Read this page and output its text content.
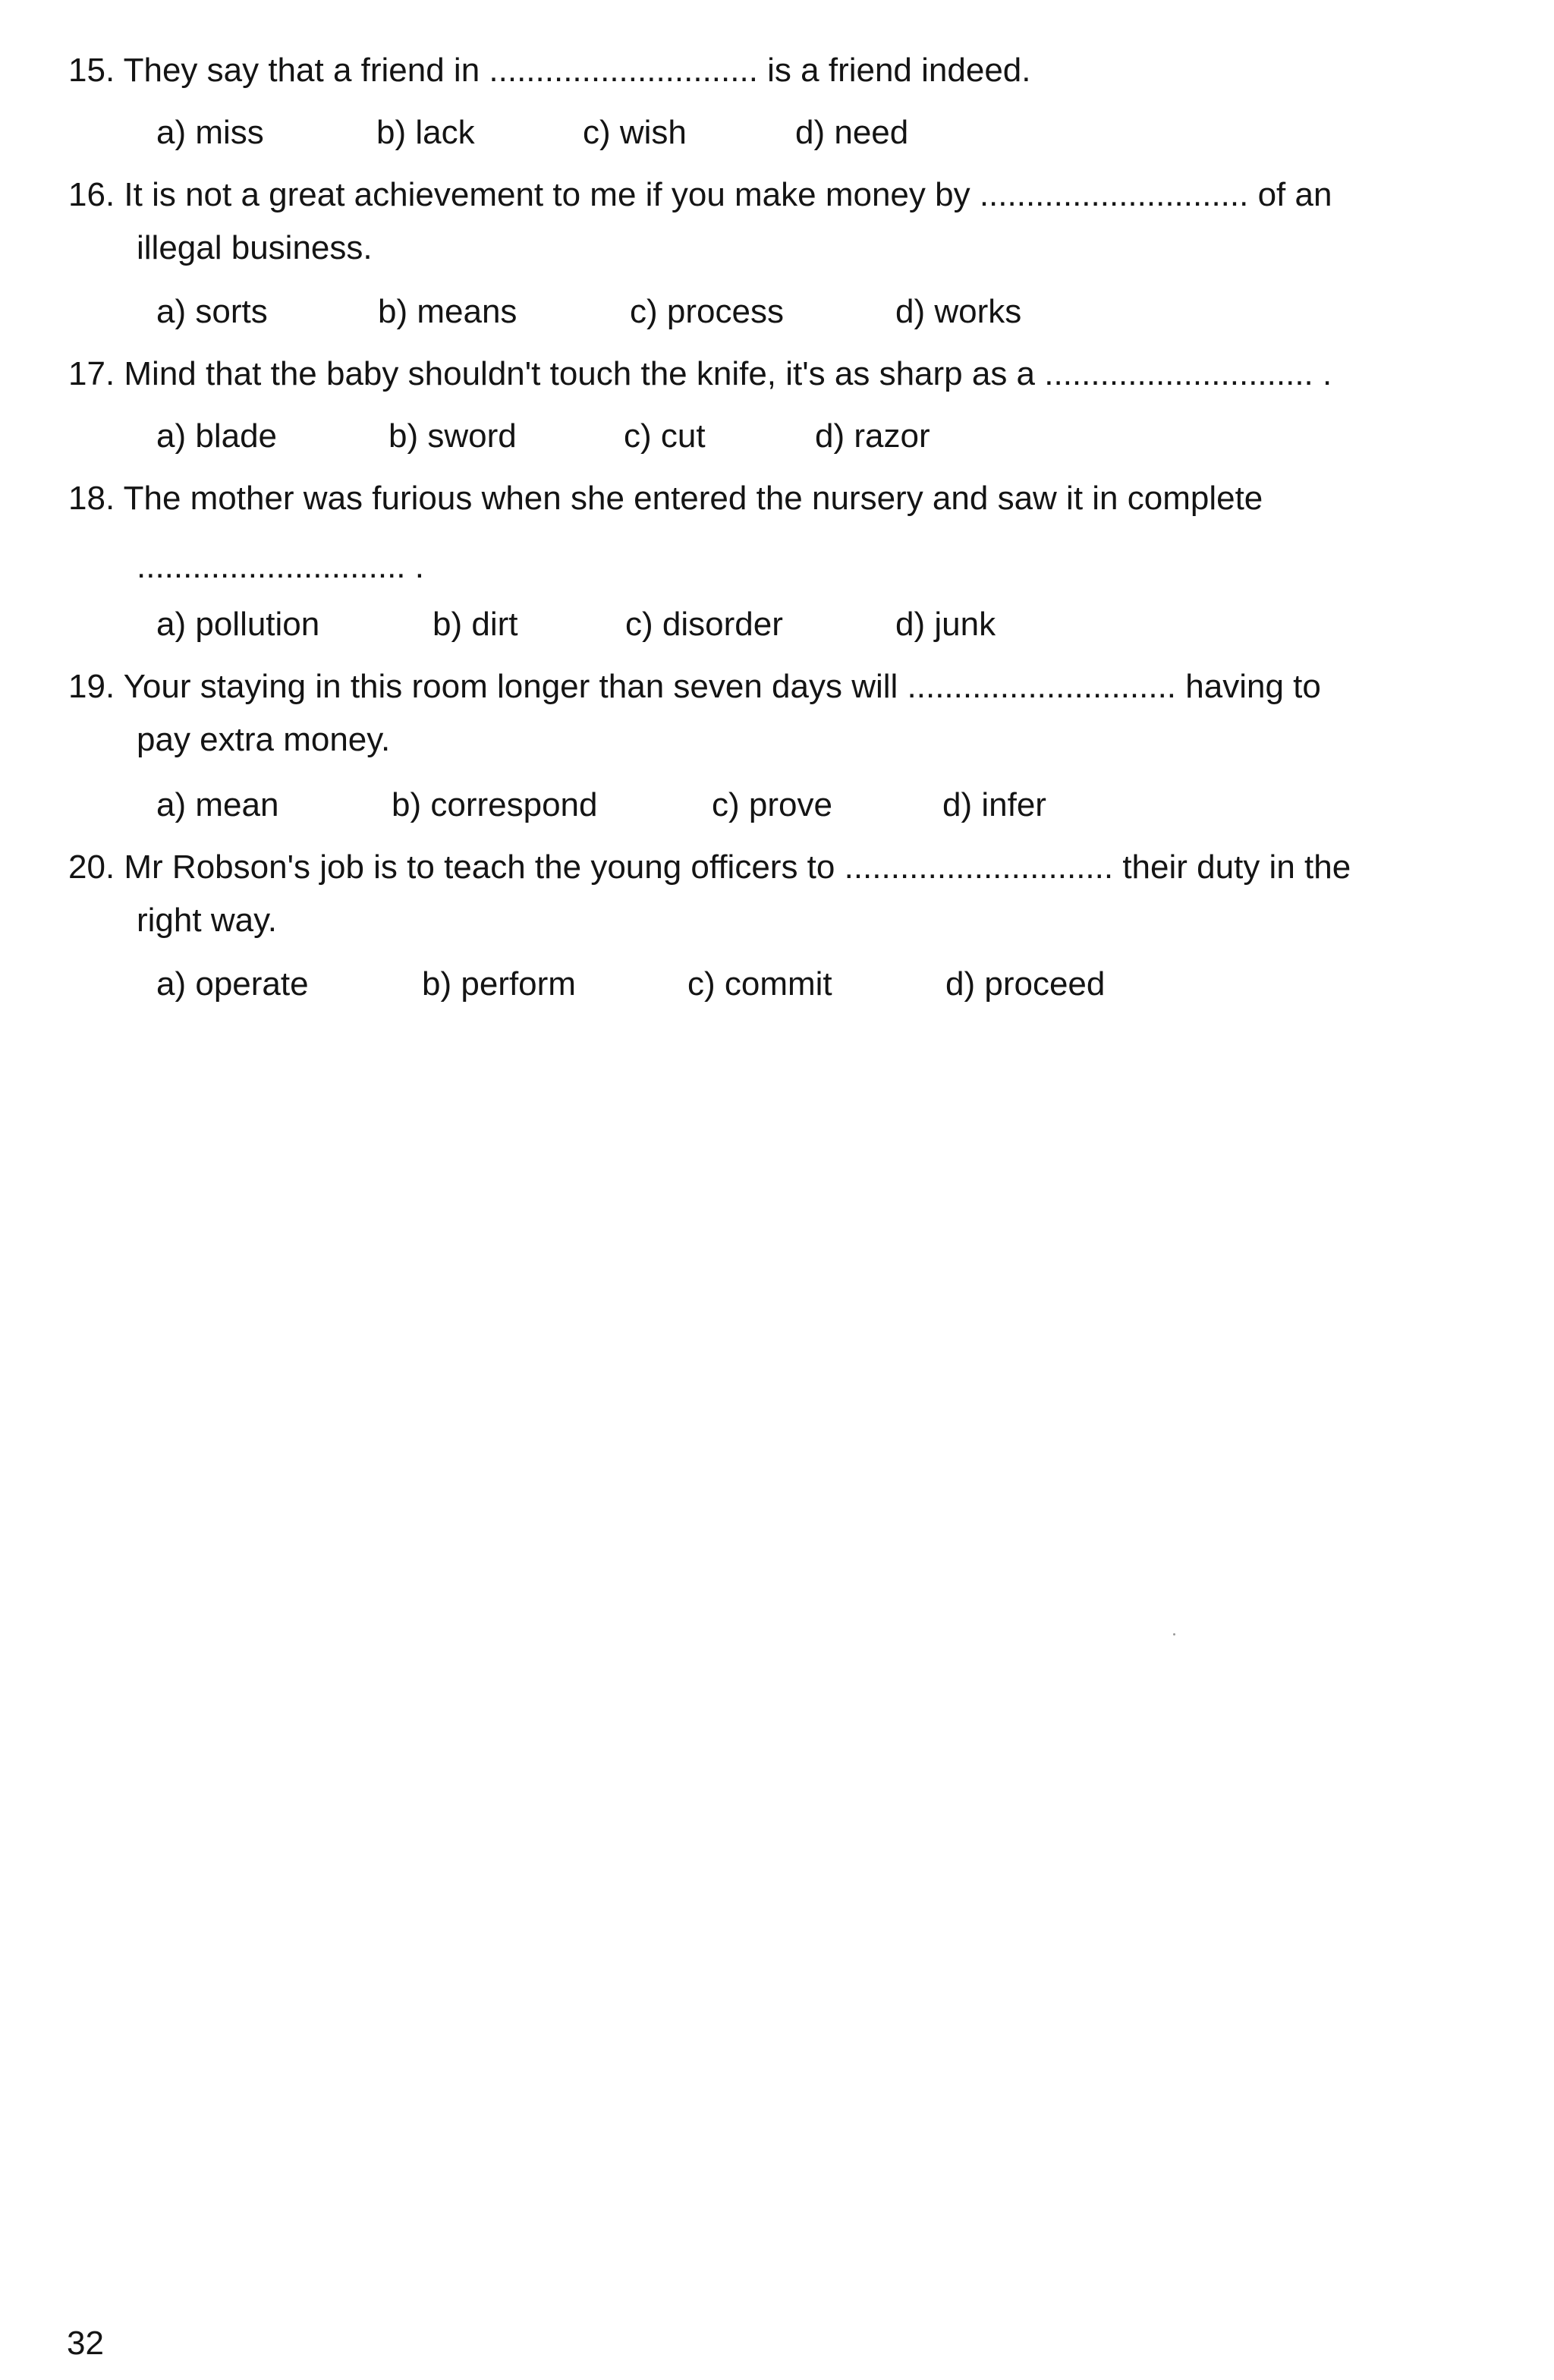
15. They say that a friend in ............................. is a friend indeed.
a) miss	b) lack	c) wish	d) need
16. It is not a great achievement to me if you make money by ............................. of an
illegal business.
a) sorts	b) means	c) process	d) works
17. Mind that the baby shouldn't touch the knife, it's as sharp as a ............................. .
a) blade	b) sword	c) cut	d) razor
18. The mother was furious when she entered the nursery and saw it in complete
............................. .
a) pollution	b) dirt	c) disorder	d) junk
19. Your staying in this room longer than seven days will ............................. having to
pay extra money.
a) mean	b) correspond	c) prove	d) infer
20. Mr Robson's job is to teach the young officers to ............................. their duty in the
right way.
a) operate	b) perform	c) commit	d) proceed
32
